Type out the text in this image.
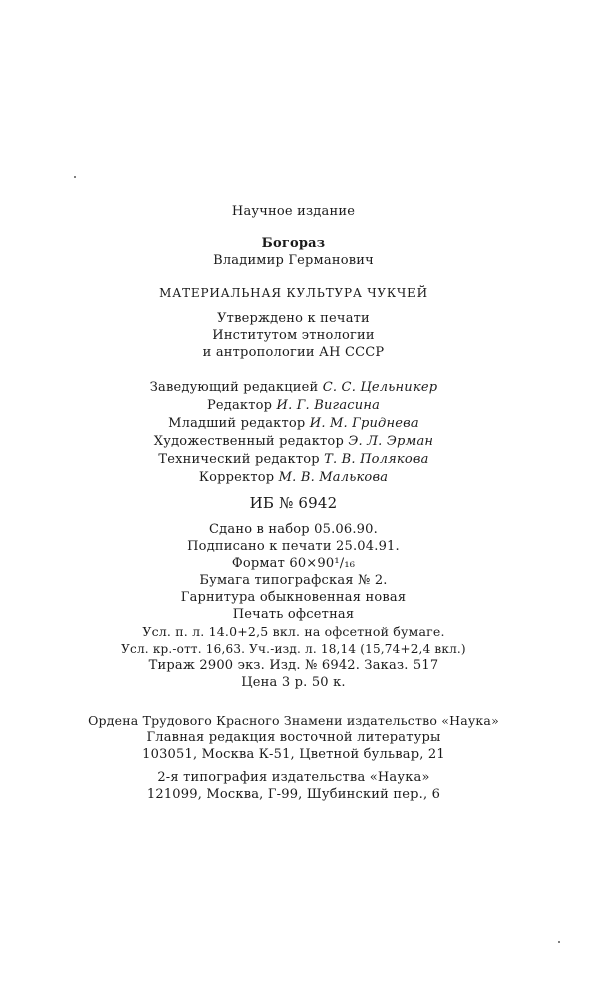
Научное издание
Богораз
Владимир Германович
МАТЕРИАЛЬНАЯ КУЛЬТУРА ЧУКЧЕЙ
Утверждено к печати
Институтом этнологии
и антропологии АН СССР
Заведующий редакцией С. С. Цельникер
Редактор И. Г. Вигасина
Младший редактор И. М. Гриднева
Художественный редактор Э. Л. Эрман
Технический редактор Т. В. Полякова
Корректор М. В. Малькова
ИБ № 6942
Сдано в набор 05.06.90.
Подписано к печати 25.04.91.
Формат 60×90¹/₁₆
Бумага типографская № 2.
Гарнитура обыкновенная новая
Печать офсетная
Усл. п. л. 14.0+2,5 вкл. на офсетной бумаге.
Усл. кр.-отт. 16,63. Уч.-изд. л. 18,14 (15,74+2,4 вкл.)
Тираж 2900 экз. Изд. № 6942. Заказ. 517
Цена 3 р. 50 к.
Ордена Трудового Красного Знамени издательство «Наука»
Главная редакция восточной литературы
103051, Москва К-51, Цветной бульвар, 21
2-я типография издательства «Наука»
121099, Москва, Г-99, Шубинский пер., 6
